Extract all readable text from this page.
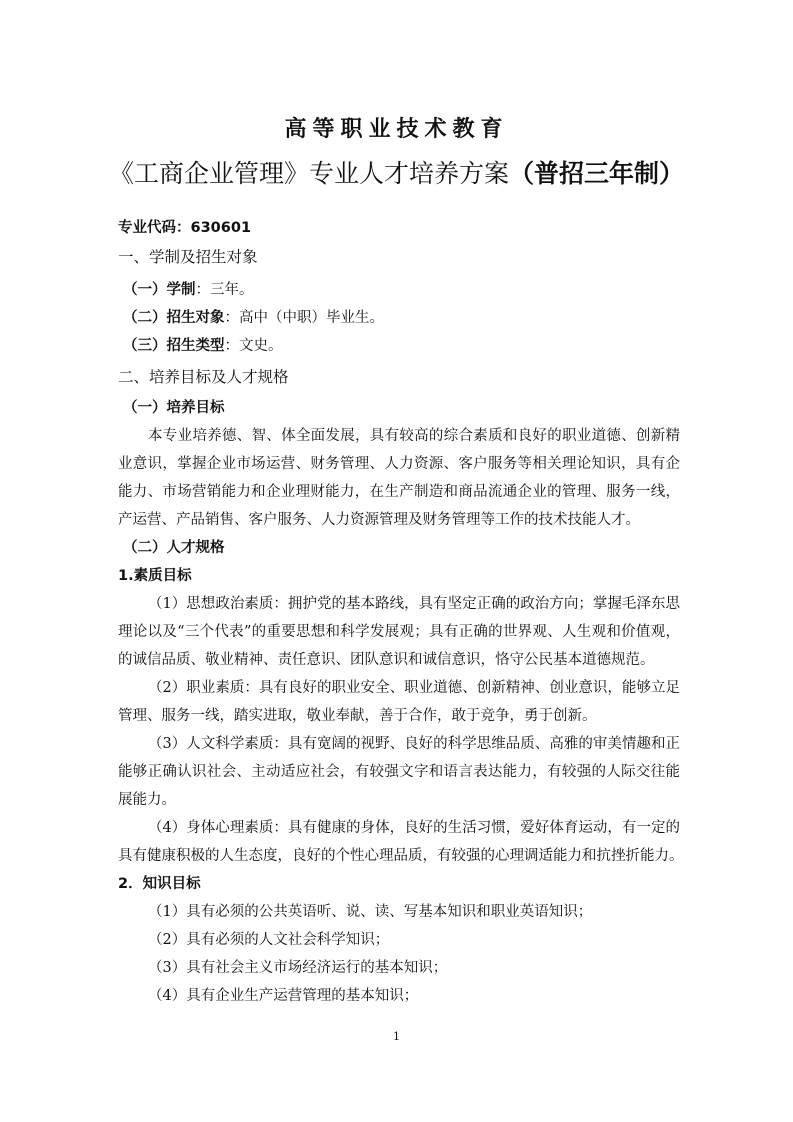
高等职业技术教育
《工商企业管理》专业人才培养方案（普招三年制）
专业代码：630601
一、学制及招生对象
（一）学制：三年。
（二）招生对象：高中（中职）毕业生。
（三）招生类型：文史。
二、培养目标及人才规格
（一）培养目标
本专业培养德、智、体全面发展，具有较高的综合素质和良好的职业道德、创新精
业意识，掌握企业市场运营、财务管理、人力资源、客户服务等相关理论知识，具有企
能力、市场营销能力和企业理财能力，在生产制造和商品流通企业的管理、服务一线，
产运营、产品销售、客户服务、人力资源管理及财务管理等工作的技术技能人才。
（二）人才规格
1.素质目标
（1）思想政治素质：拥护党的基本路线，具有坚定正确的政治方向；掌握毛泽东思
理论以及“三个代表”的重要思想和科学发展观；具有正确的世界观、人生观和价值观，
的诚信品质、敬业精神、责任意识、团队意识和诚信意识，恪守公民基本道德规范。
（2）职业素质：具有良好的职业安全、职业道德、创新精神、创业意识，能够立足
管理、服务一线，踏实进取，敬业奉献，善于合作，敢于竞争，勇于创新。
（3）人文科学素质：具有宽阔的视野、良好的科学思维品质、高雅的审美情趣和正
能够正确认识社会、主动适应社会，有较强文字和语言表达能力，有较强的人际交往能
展能力。
（4）身体心理素质：具有健康的身体，良好的生活习惯，爱好体育运动，有一定的
具有健康积极的人生态度，良好的个性心理品质，有较强的心理调适能力和抗挫折能力。
2．知识目标
（1）具有必须的公共英语听、说、读、写基本知识和职业英语知识；
（2）具有必须的人文社会科学知识；
（3）具有社会主义市场经济运行的基本知识；
（4）具有企业生产运营管理的基本知识；
1
